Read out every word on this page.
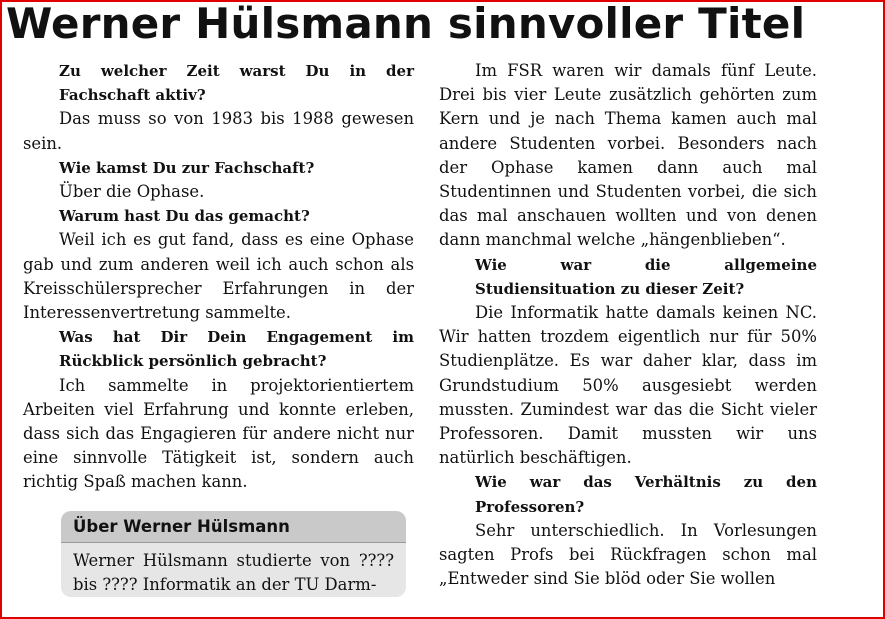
Werner Hülsmann sinnvoller Titel

Zu welcher Zeit warst Du in der Fachschaft aktiv?

Das muss so von 1983 bis 1988 gewesen sein.

Wie kamst Du zur Fachschaft?

Über die Ophase.

Warum hast Du das gemacht?

Weil ich es gut fand, dass es eine Ophase gab und zum anderen weil ich auch schon als Kreisschülersprecher Erfahrungen in der Interessenvertretung sammelte.

Was hat Dir Dein Engagement im Rückblick persönlich gebracht?

Ich sammelte in projektorientiertem Arbeiten viel Erfahrung und konnte erleben, dass sich das Engagieren für andere nicht nur eine sinnvolle Tätigkeit ist, sondern auch richtig Spaß machen kann.

Über Werner Hülsmann

Werner Hülsmann studierte von ???? bis ???? Informatik an der TU Darm-

Im FSR waren wir damals fünf Leute. Drei bis vier Leute zusätzlich gehörten zum Kern und je nach Thema kamen auch mal andere Studenten vorbei. Besonders nach der Ophase kamen dann auch mal Studentinnen und Studenten vorbei, die sich das mal anschauen wollten und von denen dann manchmal welche „hängenblieben“.

Wie war die allgemeine Studiensituation zu dieser Zeit?

Die Informatik hatte damals keinen NC. Wir hatten trozdem eigentlich nur für 50% Studienplätze. Es war daher klar, dass im Grundstudium 50% ausgesiebt werden mussten. Zumindest war das die Sicht vieler Professoren. Damit mussten wir uns natürlich beschäftigen.

Wie war das Verhältnis zu den Professoren?

Sehr unterschiedlich. In Vorlesungen sagten Profs bei Rückfragen schon mal „Entweder sind Sie blöd oder Sie wollen
